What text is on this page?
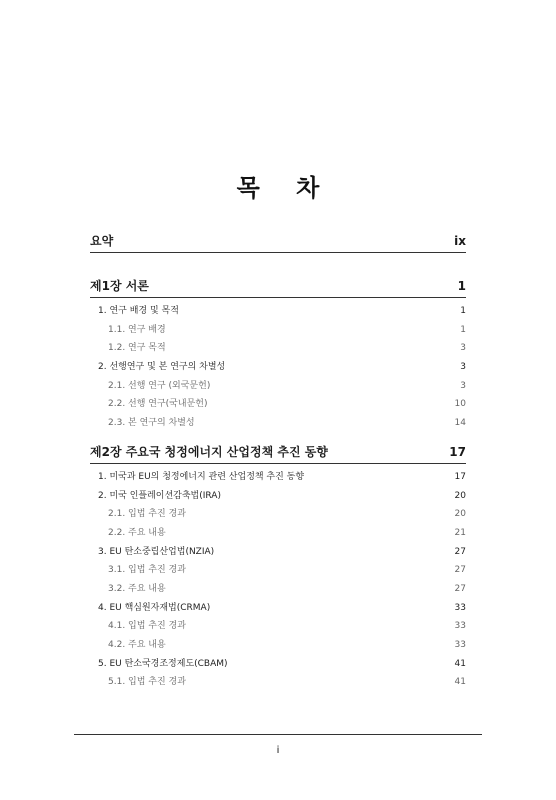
목 차
요약	ix
제1장 서론	1
1. 연구 배경 및 목적	1
1.1. 연구 배경	1
1.2. 연구 목적	3
2. 선행연구 및 본 연구의 차별성	3
2.1. 선행 연구 (외국문헌)	3
2.2. 선행 연구(국내문헌)	10
2.3. 본 연구의 차별성	14
제2장 주요국 청정에너지 산업정책 추진 동향	17
1. 미국과 EU의 청정에너지 관련 산업정책 추진 동향	17
2. 미국 인플레이션감축법(IRA)	20
2.1. 입법 추진 경과	20
2.2. 주요 내용	21
3. EU 탄소중립산업법(NZIA)	27
3.1. 입법 추진 경과	27
3.2. 주요 내용	27
4. EU 핵심원자재법(CRMA)	33
4.1. 입법 추진 경과	33
4.2. 주요 내용	33
5. EU 탄소국경조정제도(CBAM)	41
5.1. 입법 추진 경과	41
i
